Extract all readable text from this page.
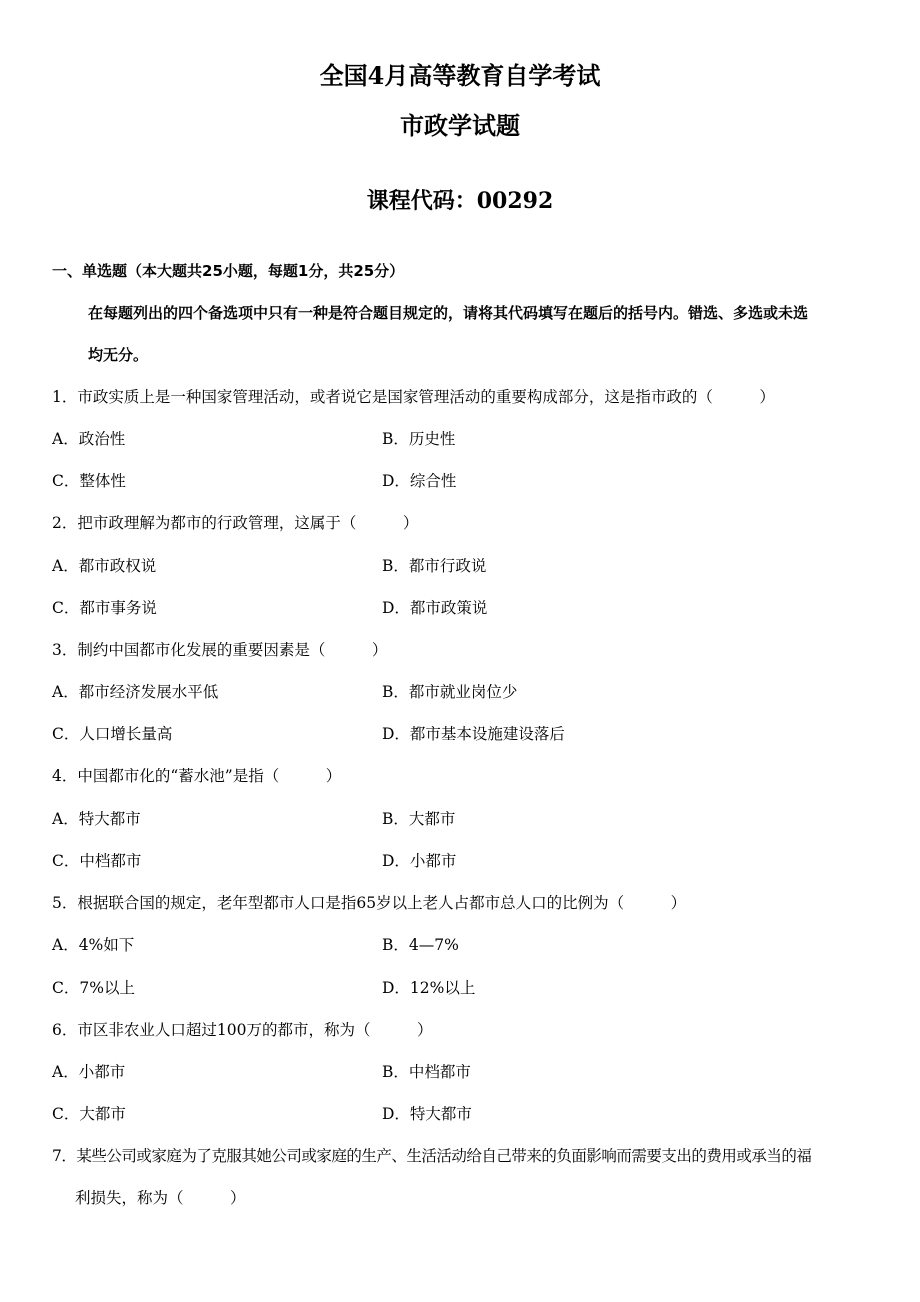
全国4月高等教育自学考试
市政学试题
课程代码：00292
一、单选题（本大题共25小题，每题1分，共25分）
在每题列出的四个备选项中只有一种是符合题目规定的，请将其代码填写在题后的括号内。错选、多选或未选
均无分。
1．市政实质上是一种国家管理活动，或者说它是国家管理活动的重要构成部分，这是指市政的（　　　）
A．政治性	B．历史性
C．整体性	D．综合性
2．把市政理解为都市的行政管理，这属于（　　　）
A．都市政权说	B．都市行政说
C．都市事务说	D．都市政策说
3．制约中国都市化发展的重要因素是（　　　）
A．都市经济发展水平低	B．都市就业岗位少
C．人口增长量高	D．都市基本设施建设落后
4．中国都市化的“蓄水池”是指（　　　）
A．特大都市	B．大都市
C．中档都市	D．小都市
5．根据联合国的规定，老年型都市人口是指65岁以上老人占都市总人口的比例为（　　　）
A．4%如下	B．4—7%
C．7%以上	D．12%以上
6．市区非农业人口超过100万的都市，称为（　　　）
A．小都市	B．中档都市
C．大都市	D．特大都市
7．某些公司或家庭为了克服其她公司或家庭的生产、生活活动给自己带来的负面影响而需要支出的费用或承当的福
利损失，称为（　　　）
